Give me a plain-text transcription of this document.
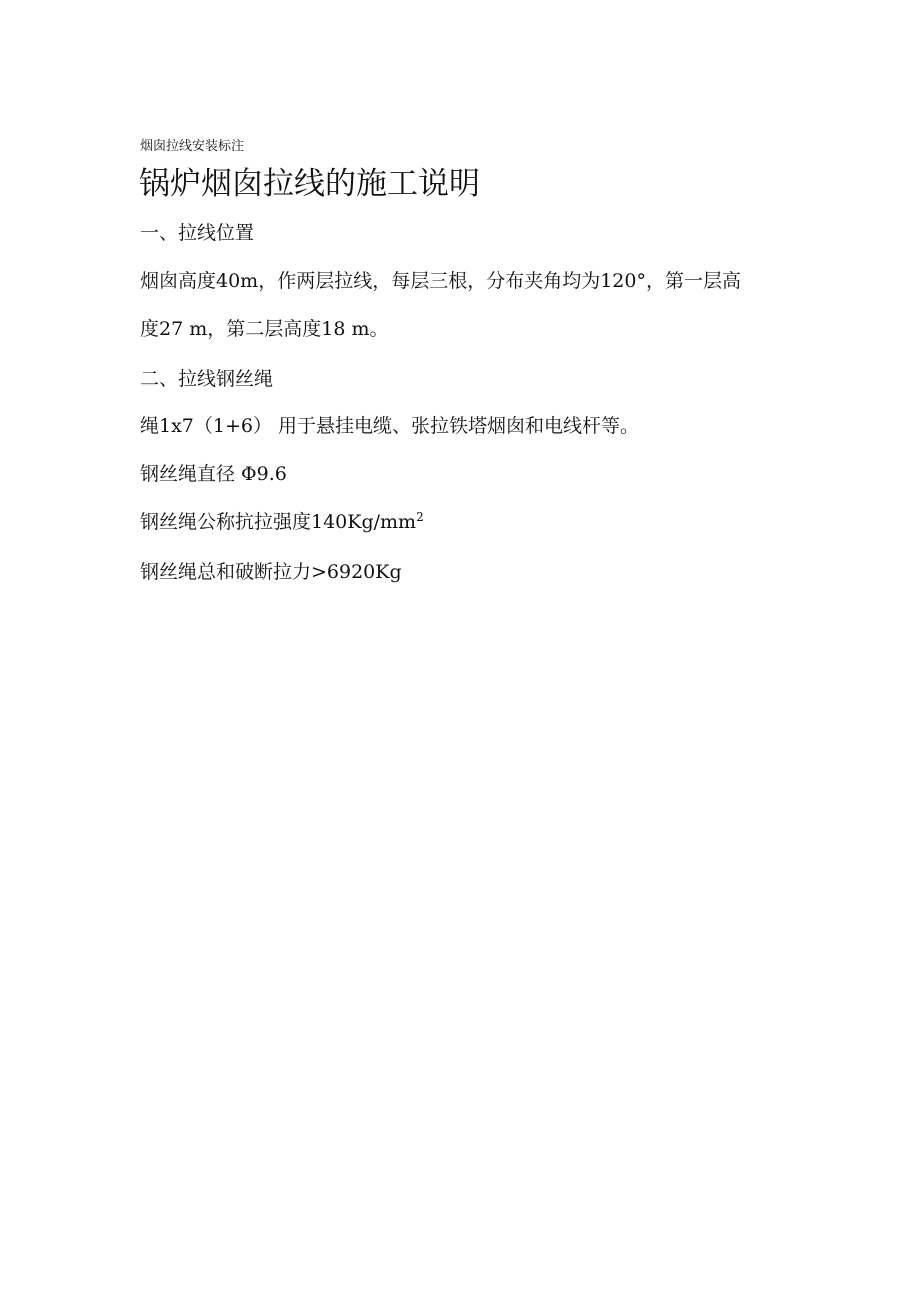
烟囱拉线安装标注
锅炉烟囱拉线的施工说明
一、拉线位置
烟囱高度40m，作两层拉线，每层三根，分布夹角均为120°，第一层高
度27 m，第二层高度18 m。
二、拉线钢丝绳
绳1x7（1+6） 用于悬挂电缆、张拉铁塔烟囱和电线杆等。
钢丝绳直径 Φ9.6
钢丝绳公称抗拉强度$140Kg/mm^2$
钢丝绳总和破断拉力>6920Kg
